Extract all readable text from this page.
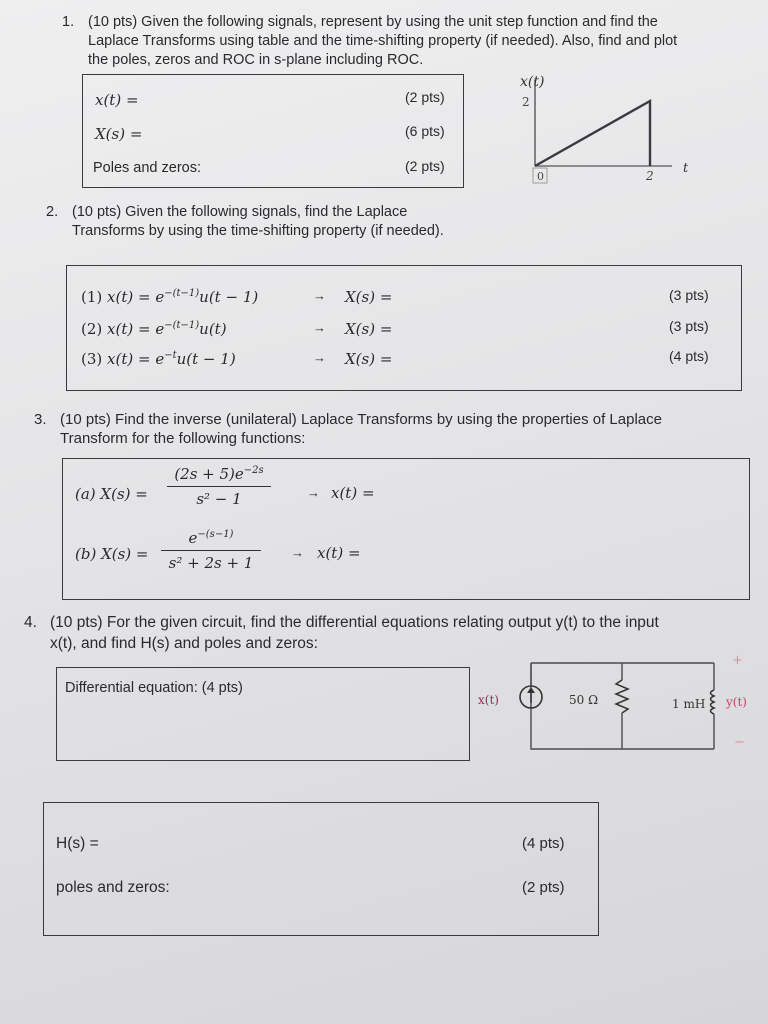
1. (10 pts) Given the following signals, represent by using the unit step function and find the
Laplace Transforms using table and the time-shifting property (if needed). Also, find and plot
the poles, zeros and ROC in s-plane including ROC.
x(t) =	(2 pts)
X(s) =	(6 pts)
Poles and zeros:	(2 pts)
x(t)
2
t
0	2
2. (10 pts) Given the following signals, find the Laplace
Transforms by using the time-shifting property (if needed).
(1) $x(t) = e^{-(t-1)}u(t - 1)$	→ X(s) =	(3 pts)
(2) $x(t) = e^{-(t-1)}u(t)$	→ X(s) =	(3 pts)
(3) $x(t) = e^{-t}u(t - 1)$	→ X(s) =	(4 pts)
3. (10 pts) Find the inverse (unilateral) Laplace Transforms by using the properties of Laplace
Transform for the following functions:
(a) X(s) =
$(2s + 5)e^{-2s}$
s² − 1	→ x(t) =
(b) X(s) =
$e^{-(s-1)}$
s² + 2s + 1
→ x(t) =
4. (10 pts) For the given circuit, find the differential equations relating output y(t) to the input
x(t), and find H(s) and poles and zeros:
Differential equation: (4 pts)
x(t)	50 Ω	1 mH y(t)
+
−
H(s) =	(4 pts)
poles and zeros:	(2 pts)
